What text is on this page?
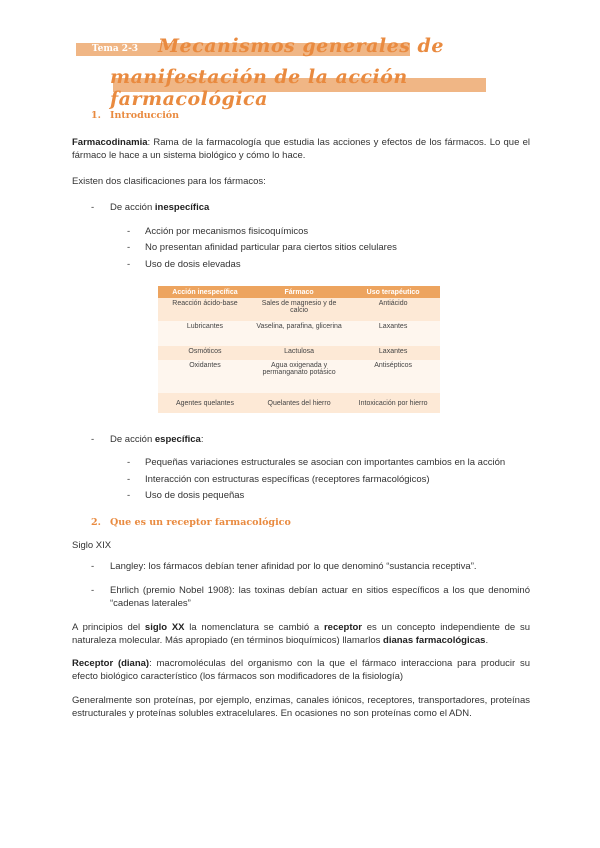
Tema 2-3	Mecanismos generales de
manifestación de la acción farmacológica
1. Introducción
Farmacodinamia: Rama de la farmacología que estudia las acciones y efectos de los fármacos. Lo que el fármaco le hace a un sistema biológico y cómo lo hace.
Existen dos clasificaciones para los fármacos:
- De acción inespecífica
- Acción por mecanismos fisicoquímicos
- No presentan afinidad particular para ciertos sitios celulares
- Uso de dosis elevadas
Acción inespecífica	Fármaco	Uso terapéutico
Reacción ácido-base	Sales de magnesio y de calcio	Antiácido
Lubricantes	Vaselina, parafina, glicerina	Laxantes
Osmóticos	Lactulosa	Laxantes
Oxidantes	Agua oxigenada y permanganato potásico	Antisépticos
Agentes quelantes	Quelantes del hierro	Intoxicación por hierro
- De acción específica:
- Pequeñas variaciones estructurales se asocian con importantes cambios en la acción
- Interacción con estructuras específicas (receptores farmacológicos)
- Uso de dosis pequeñas
2. Que es un receptor farmacológico
Siglo XIX
- Langley: los fármacos debían tener afinidad por lo que denominó “sustancia receptiva”.
- Ehrlich (premio Nobel 1908): las toxinas debían actuar en sitios específicos a los que denominó “cadenas laterales”
A principios del siglo XX la nomenclatura se cambió a receptor es un concepto independiente de su naturaleza molecular. Más apropiado (en términos bioquímicos) llamarlos dianas farmacológicas.
Receptor (diana): macromoléculas del organismo con la que el fármaco interacciona para producir su efecto biológico característico (los fármacos son modificadores de la fisiología)
Generalmente son proteínas, por ejemplo, enzimas, canales iónicos, receptores, transportadores, proteínas estructurales y proteínas solubles extracelulares. En ocasiones no son proteínas como el ADN.
